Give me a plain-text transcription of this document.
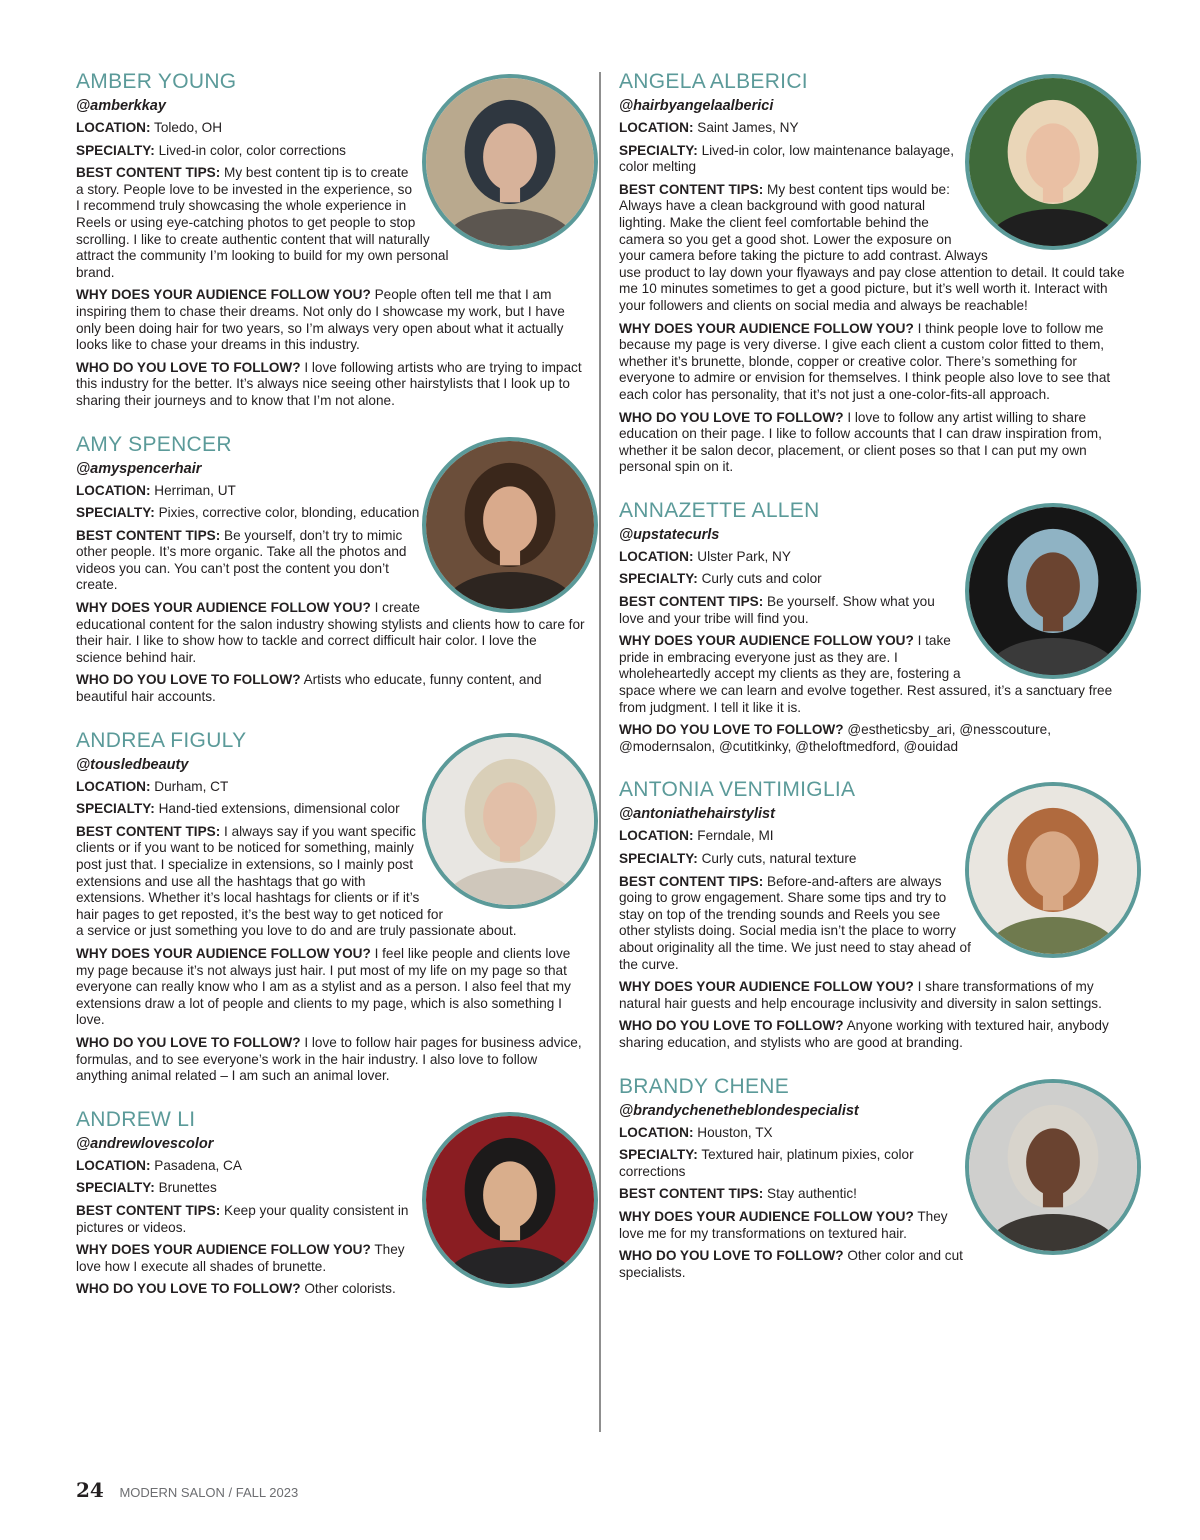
AMBER YOUNG
@amberkkay

LOCATION: Toledo, OH

SPECIALTY: Lived-in color, color corrections

BEST CONTENT TIPS: My best content tip is to create a story. People love to be invested in the experience, so I recommend truly showcasing the whole experience in Reels or using eye-catching photos to get people to stop scrolling. I like to create authentic content that will naturally attract the community I’m looking to build for my own personal brand.

WHY DOES YOUR AUDIENCE FOLLOW YOU? People often tell me that I am inspiring them to chase their dreams. Not only do I showcase my work, but I have only been doing hair for two years, so I’m always very open about what it actually looks like to chase your dreams in this industry.

WHO DO YOU LOVE TO FOLLOW? I love following artists who are trying to impact this industry for the better. It’s always nice seeing other hairstylists that I look up to sharing their journeys and to know that I’m not alone.

AMY SPENCER
@amyspencerhair

LOCATION: Herriman, UT

SPECIALTY: Pixies, corrective color, blonding, education

BEST CONTENT TIPS: Be yourself, don’t try to mimic other people. It’s more organic. Take all the photos and videos you can. You can’t post the content you don’t create.

WHY DOES YOUR AUDIENCE FOLLOW YOU? I create educational content for the salon industry showing stylists and clients how to care for their hair. I like to show how to tackle and correct difficult hair color. I love the science behind hair.

WHO DO YOU LOVE TO FOLLOW? Artists who educate, funny content, and beautiful hair accounts.

ANDREA FIGULY
@tousledbeauty

LOCATION: Durham, CT

SPECIALTY: Hand-tied extensions, dimensional color

BEST CONTENT TIPS: I always say if you want specific clients or if you want to be noticed for something, mainly post just that. I specialize in extensions, so I mainly post extensions and use all the hashtags that go with extensions. Whether it’s local hashtags for clients or if it’s hair pages to get reposted, it’s the best way to get noticed for a service or just something you love to do and are truly passionate about.

WHY DOES YOUR AUDIENCE FOLLOW YOU? I feel like people and clients love my page because it’s not always just hair. I put most of my life on my page so that everyone can really know who I am as a stylist and as a person. I also feel that my extensions draw a lot of people and clients to my page, which is also something I love.

WHO DO YOU LOVE TO FOLLOW? I love to follow hair pages for business advice, formulas, and to see everyone’s work in the hair industry. I also love to follow anything animal related – I am such an animal lover.

ANDREW LI
@andrewlovescolor

LOCATION: Pasadena, CA

SPECIALTY: Brunettes

BEST CONTENT TIPS: Keep your quality consistent in pictures or videos.

WHY DOES YOUR AUDIENCE FOLLOW YOU? They love how I execute all shades of brunette.

WHO DO YOU LOVE TO FOLLOW? Other colorists.

ANGELA ALBERICI
@hairbyangelaalberici

LOCATION: Saint James, NY

SPECIALTY: Lived-in color, low maintenance balayage, color melting

BEST CONTENT TIPS: My best content tips would be: Always have a clean background with good natural lighting. Make the client feel comfortable behind the camera so you get a good shot. Lower the exposure on your camera before taking the picture to add contrast. Always use product to lay down your flyaways and pay close attention to detail. It could take me 10 minutes sometimes to get a good picture, but it’s well worth it. Interact with your followers and clients on social media and always be reachable!

WHY DOES YOUR AUDIENCE FOLLOW YOU? I think people love to follow me because my page is very diverse. I give each client a custom color fitted to them, whether it’s brunette, blonde, copper or creative color. There’s something for everyone to admire or envision for themselves. I think people also love to see that each color has personality, that it’s not just a one-color-fits-all approach.

WHO DO YOU LOVE TO FOLLOW? I love to follow any artist willing to share education on their page. I like to follow accounts that I can draw inspiration from, whether it be salon decor, placement, or client poses so that I can put my own personal spin on it.

ANNAZETTE ALLEN
@upstatecurls

LOCATION: Ulster Park, NY

SPECIALTY: Curly cuts and color

BEST CONTENT TIPS: Be yourself. Show what you love and your tribe will find you.

WHY DOES YOUR AUDIENCE FOLLOW YOU? I take pride in embracing everyone just as they are. I wholeheartedly accept my clients as they are, fostering a space where we can learn and evolve together. Rest assured, it’s a sanctuary free from judgment. I tell it like it is.

WHO DO YOU LOVE TO FOLLOW? @estheticsby_ari, @nesscouture, @modernsalon, @cutitkinky, @theloftmedford, @ouidad

ANTONIA VENTIMIGLIA
@antoniathehairstylist

LOCATION: Ferndale, MI

SPECIALTY: Curly cuts, natural texture

BEST CONTENT TIPS: Before-and-afters are always going to grow engagement. Share some tips and try to stay on top of the trending sounds and Reels you see other stylists doing. Social media isn’t the place to worry about originality all the time. We just need to stay ahead of the curve.

WHY DOES YOUR AUDIENCE FOLLOW YOU? I share transformations of my natural hair guests and help encourage inclusivity and diversity in salon settings.

WHO DO YOU LOVE TO FOLLOW? Anyone working with textured hair, anybody sharing education, and stylists who are good at branding.

BRANDY CHENE
@brandychenetheblondespecialist

LOCATION: Houston, TX

SPECIALTY: Textured hair, platinum pixies, color corrections

BEST CONTENT TIPS: Stay authentic!

WHY DOES YOUR AUDIENCE FOLLOW YOU? They love me for my transformations on textured hair.

WHO DO YOU LOVE TO FOLLOW? Other color and cut specialists.

24 MODERN SALON / FALL 2023
